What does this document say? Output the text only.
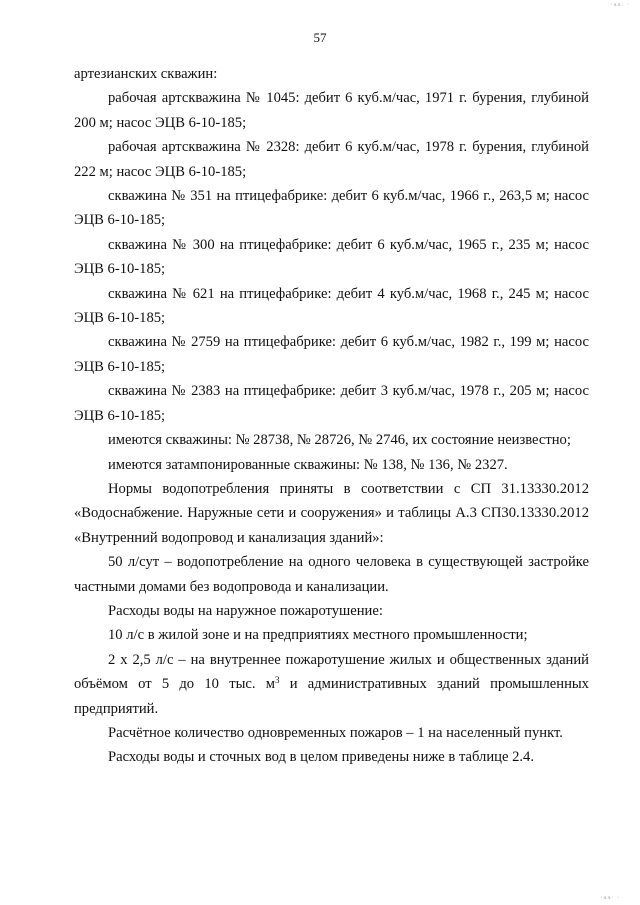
·ᴧᴧ· ·
57

артезианских скважин:

рабочая артскважина № 1045: дебит 6 куб.м/час, 1971 г. бурения, глубиной 200 м; насос ЭЦВ 6-10-185;

рабочая артскважина № 2328: дебит 6 куб.м/час, 1978 г. бурения, глубиной 222 м; насос ЭЦВ 6-10-185;

скважина № 351 на птицефабрике: дебит 6 куб.м/час, 1966 г., 263,5 м; насос ЭЦВ 6-10-185;

скважина № 300 на птицефабрике: дебит 6 куб.м/час, 1965 г., 235 м; насос ЭЦВ 6-10-185;

скважина № 621 на птицефабрике: дебит 4 куб.м/час, 1968 г., 245 м; насос ЭЦВ 6-10-185;

скважина № 2759 на птицефабрике: дебит 6 куб.м/час, 1982 г., 199 м; насос ЭЦВ 6-10-185;

скважина № 2383 на птицефабрике: дебит 3 куб.м/час, 1978 г., 205 м; насос ЭЦВ 6-10-185;

имеются скважины: № 28738, № 28726, № 2746, их состояние неизвестно;

имеются затампонированные скважины: № 138, № 136, № 2327.

Нормы водопотребления приняты в соответствии с СП 31.13330.2012 «Водоснабжение. Наружные сети и сооружения» и таблицы А.3 СП30.13330.2012 «Внутренний водопровод и канализация зданий»:

50 л/сут – водопотребление на одного человека в существующей застройке частными домами без водопровода и канализации.

Расходы воды на наружное пожаротушение:

10 л/с в жилой зоне и на предприятиях местного промышленности;

2 х 2,5 л/с – на внутреннее пожаротушение жилых и общественных зданий объёмом от 5 до 10 тыс. $м^3$ и административных зданий промышленных предприятий.

Расчётное количество одновременных пожаров – 1 на населенный пункт.

Расходы воды и сточных вод в целом приведены ниже в таблице 2.4.

·ᴧᴧ· ·
